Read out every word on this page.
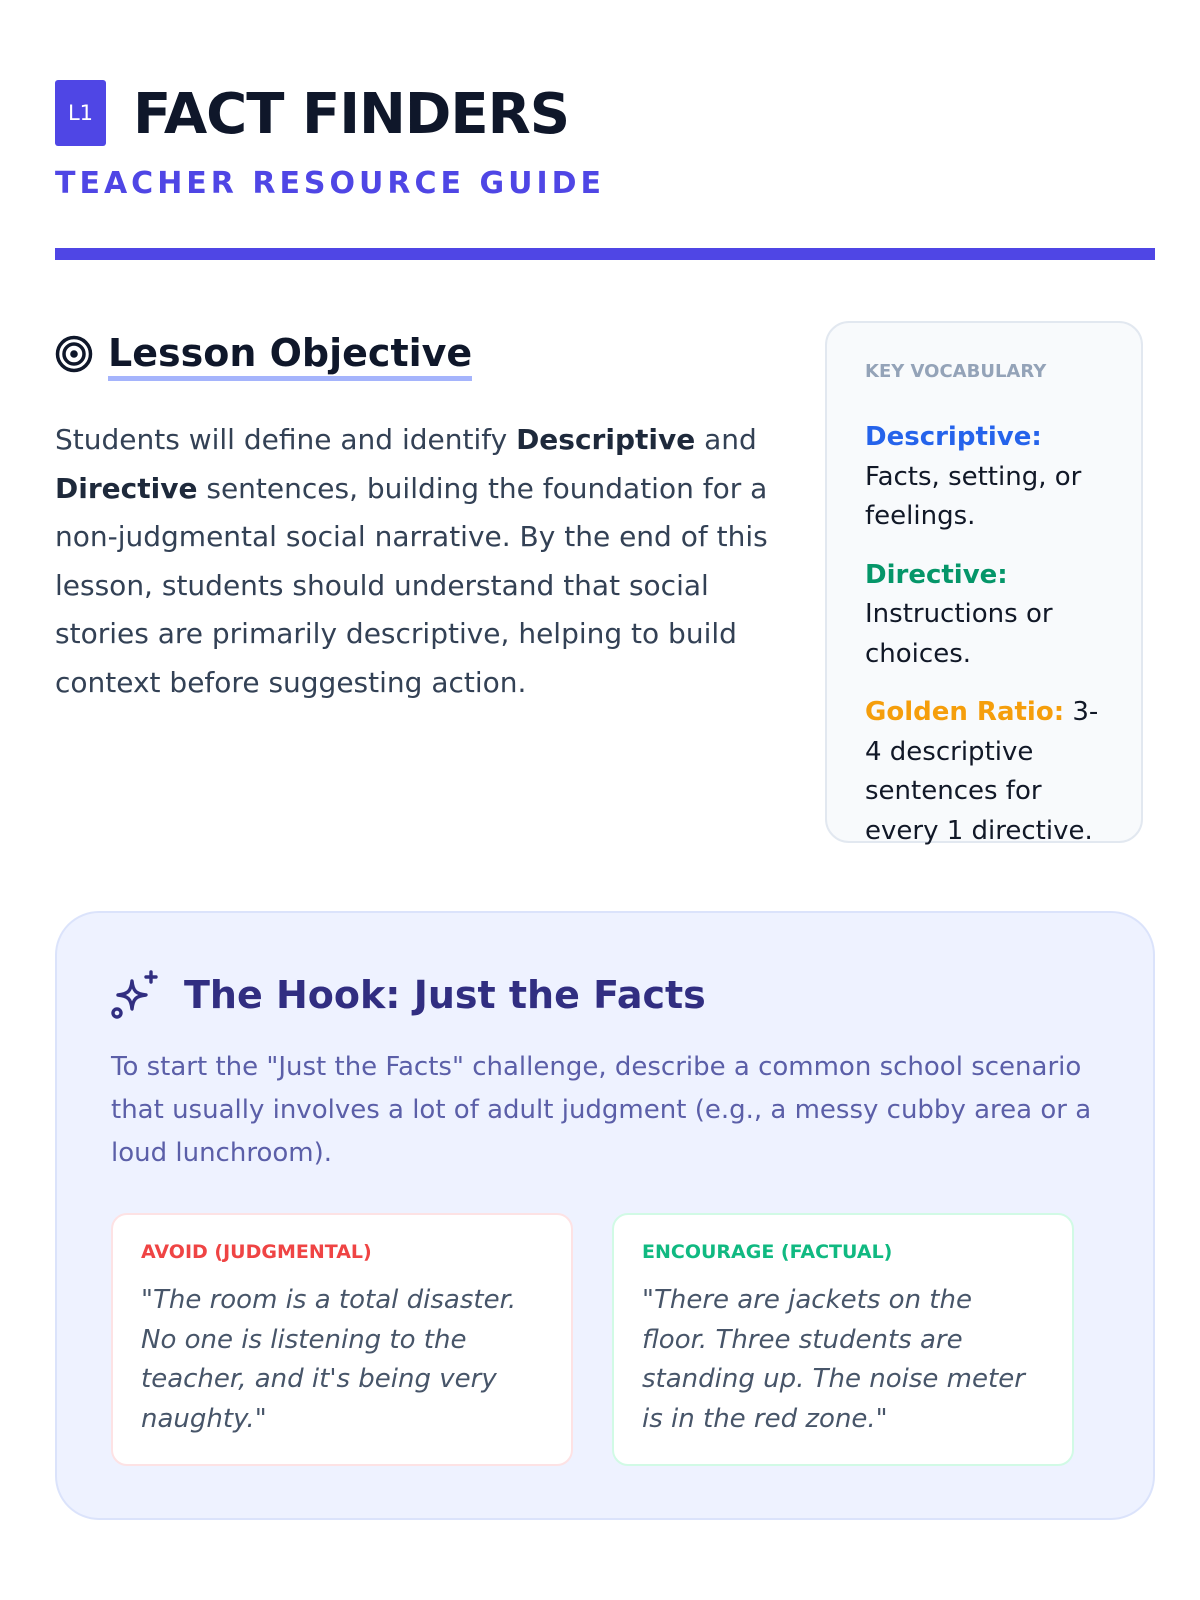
L1 FACT FINDERS
TEACHER RESOURCE GUIDE
Lesson Objective

Students will define and identify Descriptive and Directive sentences, building the foundation for a non-judgmental social narrative. By the end of this lesson, students should understand that social stories are primarily descriptive, helping to build context before suggesting action.

KEY VOCABULARY
Descriptive: Facts, setting, or feelings.
Directive: Instructions or choices.
Golden Ratio: 3-4 descriptive sentences for every 1 directive.
The Hook: Just the Facts

To start the "Just the Facts" challenge, describe a common school scenario that usually involves a lot of adult judgment (e.g., a messy cubby area or a loud lunchroom).

AVOID (JUDGMENTAL)

"The room is a total disaster. No one is listening to the teacher, and it's being very naughty."

ENCOURAGE (FACTUAL)

"There are jackets on the floor. Three students are standing up. The noise meter is in the red zone."
